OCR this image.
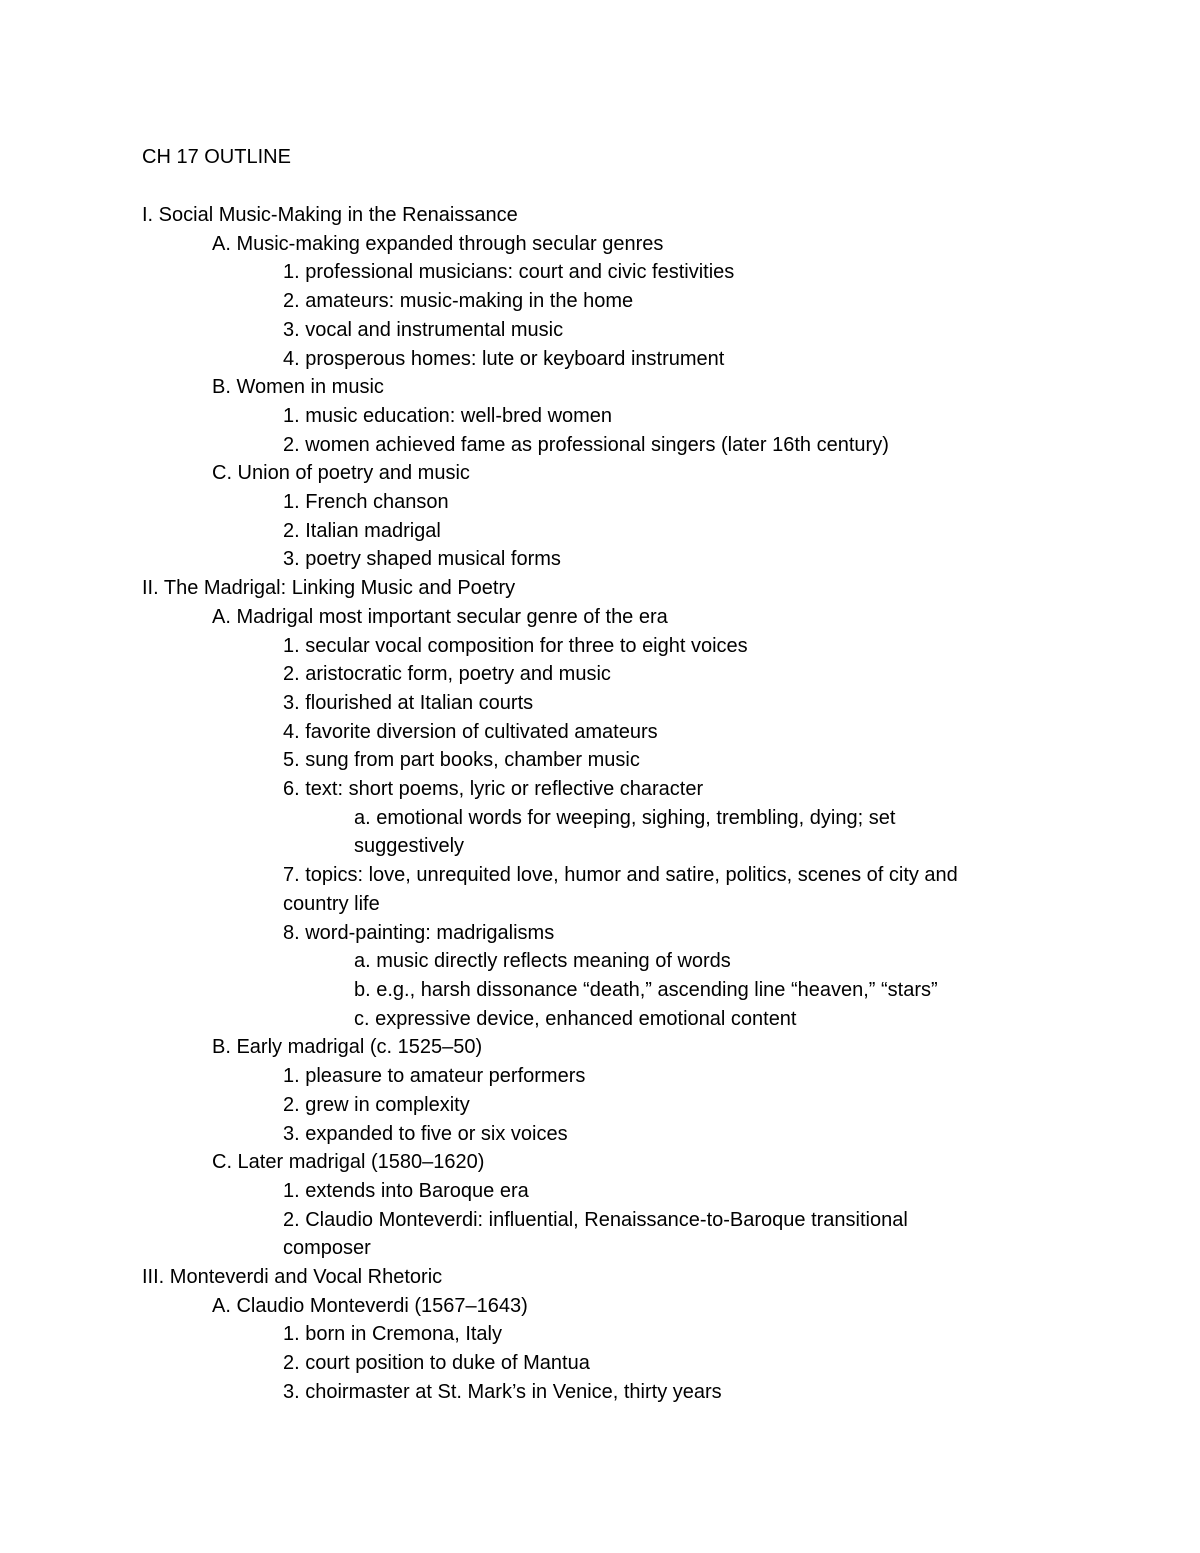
CH 17 OUTLINE
I. Social Music-Making in the Renaissance
A. Music-making expanded through secular genres
1. professional musicians: court and civic festivities
2. amateurs: music-making in the home
3. vocal and instrumental music
4. prosperous homes: lute or keyboard instrument
B. Women in music
1. music education: well-bred women
2. women achieved fame as professional singers (later 16th century)
C. Union of poetry and music
1. French chanson
2. Italian madrigal
3. poetry shaped musical forms
II. The Madrigal: Linking Music and Poetry
A. Madrigal most important secular genre of the era
1. secular vocal composition for three to eight voices
2. aristocratic form, poetry and music
3. flourished at Italian courts
4. favorite diversion of cultivated amateurs
5. sung from part books, chamber music
6. text: short poems, lyric or reflective character
a. emotional words for weeping, sighing, trembling, dying; set
suggestively
7. topics: love, unrequited love, humor and satire, politics, scenes of city and
country life
8. word-painting: madrigalisms
a. music directly reflects meaning of words
b. e.g., harsh dissonance “death,” ascending line “heaven,” “stars”
c. expressive device, enhanced emotional content
B. Early madrigal (c. 1525–50)
1. pleasure to amateur performers
2. grew in complexity
3. expanded to five or six voices
C. Later madrigal (1580–1620)
1. extends into Baroque era
2. Claudio Monteverdi: influential, Renaissance-to-Baroque transitional
composer
III. Monteverdi and Vocal Rhetoric
A. Claudio Monteverdi (1567–1643)
1. born in Cremona, Italy
2. court position to duke of Mantua
3. choirmaster at St. Mark’s in Venice, thirty years
